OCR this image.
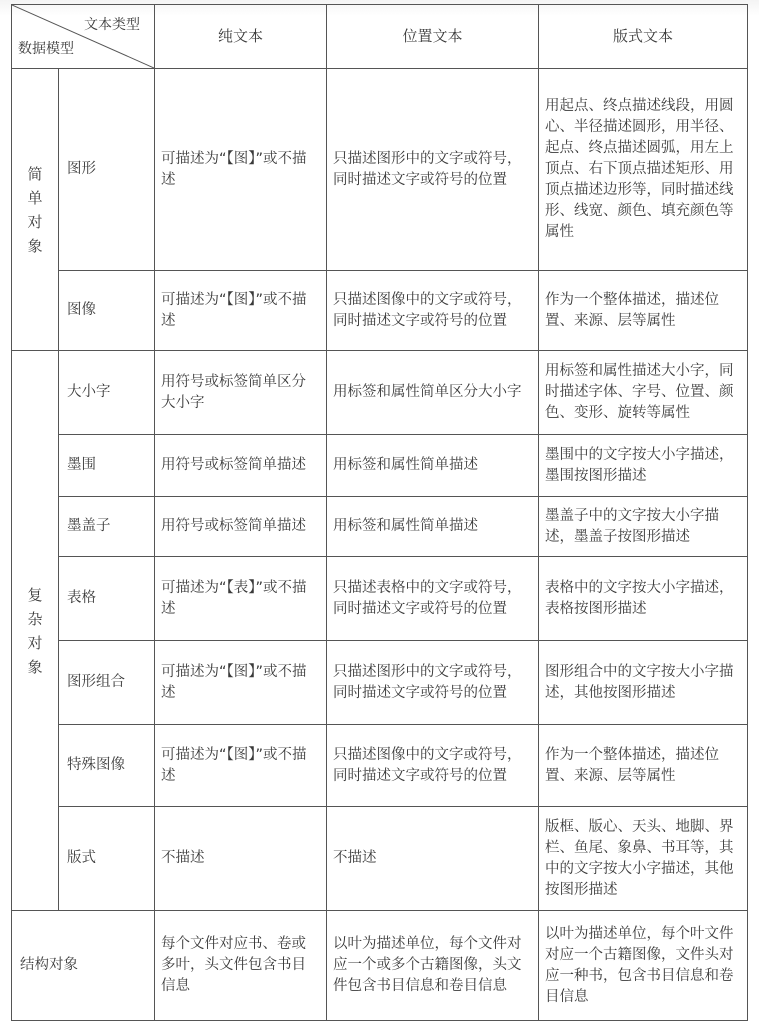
文本类型
数据模型		纯文本	位置文本	版式文本
简单对象	图形	可描述为“【图】”或不描述	只描述图形中的文字或符号，同时描述文字或符号的位置	用起点、终点描述线段，用圆心、半径描述圆形，用半径、起点、终点描述圆弧，用左上顶点、右下顶点描述矩形、用顶点描述边形等，同时描述线形、线宽、颜色、填充颜色等属性
	图像	可描述为“【图】”或不描述	只描述图像中的文字或符号，同时描述文字或符号的位置	作为一个整体描述，描述位置、来源、层等属性
复杂对象	大小字	用符号或标签简单区分大小字	用标签和属性简单区分大小字	用标签和属性描述大小字，同时描述字体、字号、位置、颜色、变形、旋转等属性
	墨围	用符号或标签简单描述	用标签和属性简单描述	墨围中的文字按大小字描述，墨围按图形描述
	墨盖子	用符号或标签简单描述	用标签和属性简单描述	墨盖子中的文字按大小字描述，墨盖子按图形描述
	表格	可描述为“【表】”或不描述	只描述表格中的文字或符号，同时描述文字或符号的位置	表格中的文字按大小字描述，表格按图形描述
	图形组合	可描述为“【图】”或不描述	只描述图形中的文字或符号，同时描述文字或符号的位置	图形组合中的文字按大小字描述，其他按图形描述
	特殊图像	可描述为“【图】”或不描述	只描述图像中的文字或符号，同时描述文字或符号的位置	作为一个整体描述，描述位置、来源、层等属性
	版式	不描述	不描述	版框、版心、天头、地脚、界栏、鱼尾、象鼻、书耳等，其中的文字按大小字描述，其他按图形描述
结构对象		每个文件对应书、卷或多叶，头文件包含书目信息	以叶为描述单位，每个文件对应一个或多个古籍图像，头文件包含书目信息和卷目信息	以叶为描述单位，每个叶文件对应一个古籍图像，文件头对应一种书，包含书目信息和卷目信息
